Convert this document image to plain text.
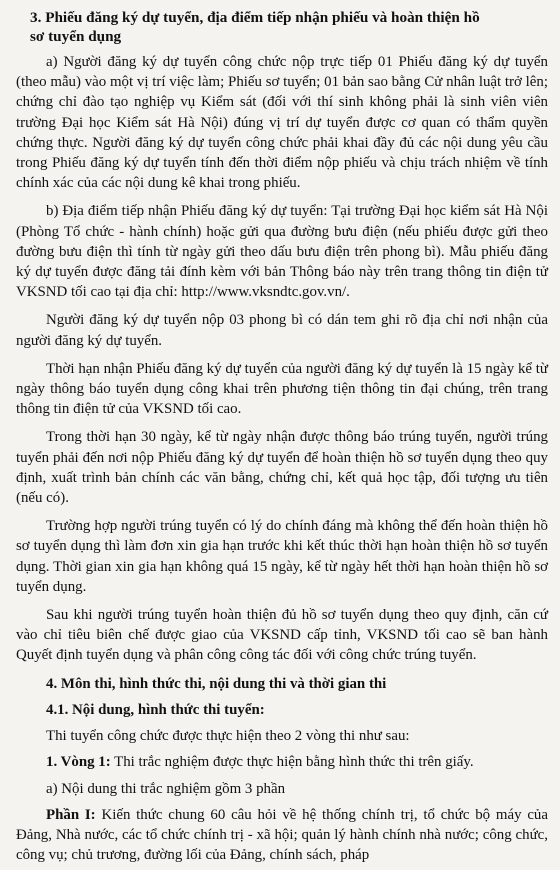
3. Phiếu đăng ký dự tuyển, địa điểm tiếp nhận phiếu và hoàn thiện hồ
sơ tuyển dụng

a) Người đăng ký dự tuyển công chức nộp trực tiếp 01 Phiếu đăng ký dự tuyển (theo mẫu) vào một vị trí việc làm; Phiếu sơ tuyển; 01 bản sao bằng Cử nhân luật trở lên; chứng chỉ đào tạo nghiệp vụ Kiểm sát (đối với thí sinh không phải là sinh viên viên trường Đại học Kiểm sát Hà Nội) đúng vị trí dự tuyển được cơ quan có thẩm quyền chứng thực. Người đăng ký dự tuyển công chức phải khai đầy đủ các nội dung yêu cầu trong Phiếu đăng ký dự tuyển tính đến thời điểm nộp phiếu và chịu trách nhiệm về tính chính xác của các nội dung kê khai trong phiếu.

b) Địa điểm tiếp nhận Phiếu đăng ký dự tuyển: Tại trường Đại học kiểm sát Hà Nội (Phòng Tổ chức - hành chính) hoặc gửi qua đường bưu điện (nếu phiếu được gửi theo đường bưu điện thì tính từ ngày gửi theo dấu bưu điện trên phong bì). Mẫu phiếu đăng ký dự tuyển được đăng tải đính kèm với bản Thông báo này trên trang thông tin điện tử VKSND tối cao tại địa chỉ: http://www.vksndtc.gov.vn/.

Người đăng ký dự tuyển nộp 03 phong bì có dán tem ghi rõ địa chỉ nơi nhận của người đăng ký dự tuyển.

Thời hạn nhận Phiếu đăng ký dự tuyển của người đăng ký dự tuyển là 15 ngày kể từ ngày thông báo tuyển dụng công khai trên phương tiện thông tin đại chúng, trên trang thông tin điện tử của VKSND tối cao.

Trong thời hạn 30 ngày, kể từ ngày nhận được thông báo trúng tuyển, người trúng tuyển phải đến nơi nộp Phiếu đăng ký dự tuyển để hoàn thiện hồ sơ tuyển dụng theo quy định, xuất trình bản chính các văn bằng, chứng chỉ, kết quả học tập, đối tượng ưu tiên (nếu có).

Trường hợp người trúng tuyển có lý do chính đáng mà không thể đến hoàn thiện hồ sơ tuyển dụng thì làm đơn xin gia hạn trước khi kết thúc thời hạn hoàn thiện hồ sơ tuyển dụng. Thời gian xin gia hạn không quá 15 ngày, kể từ ngày hết thời hạn hoàn thiện hồ sơ tuyển dụng.

Sau khi người trúng tuyển hoàn thiện đủ hồ sơ tuyển dụng theo quy định, căn cứ vào chỉ tiêu biên chế được giao của VKSND cấp tỉnh, VKSND tối cao sẽ ban hành Quyết định tuyển dụng và phân công công tác đối với công chức trúng tuyển.

4. Môn thi, hình thức thi, nội dung thi và thời gian thi

4.1. Nội dung, hình thức thi tuyển:

Thi tuyển công chức được thực hiện theo 2 vòng thi như sau:

1. Vòng 1: Thi trắc nghiệm được thực hiện bằng hình thức thi trên giấy.

a) Nội dung thi trắc nghiệm gồm 3 phần

Phần I: Kiến thức chung 60 câu hỏi về hệ thống chính trị, tổ chức bộ máy của Đảng, Nhà nước, các tổ chức chính trị - xã hội; quản lý hành chính nhà nước; công chức, công vụ; chủ trương, đường lối của Đảng, chính sách, pháp
